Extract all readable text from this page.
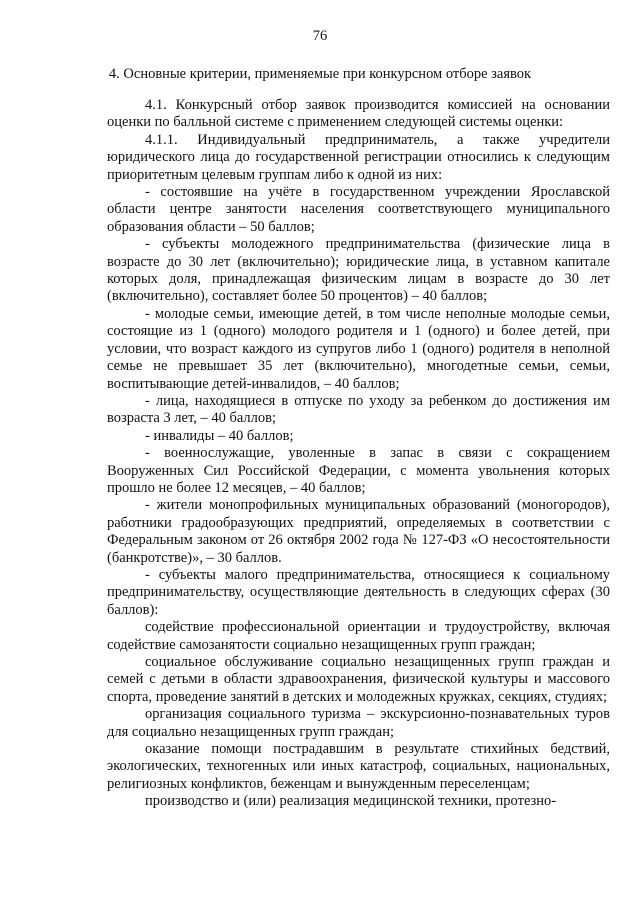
76
4. Основные критерии, применяемые при конкурсном отборе заявок

4.1. Конкурсный отбор заявок производится комиссией на основании оценки по балльной системе с применением следующей системы оценки:

4.1.1. Индивидуальный предприниматель, а также учредители юридического лица до государственной регистрации относились к следующим приоритетным целевым группам либо к одной из них:

- состоявшие на учёте в государственном учреждении Ярославской области центре занятости населения соответствующего муниципального образования области – 50 баллов;

- субъекты молодежного предпринимательства (физические лица в возрасте до 30 лет (включительно); юридические лица, в уставном капитале которых доля, принадлежащая физическим лицам в возрасте до 30 лет (включительно), составляет более 50 процентов) – 40 баллов;

- молодые семьи, имеющие детей, в том числе неполные молодые семьи, состоящие из 1 (одного) молодого родителя и 1 (одного) и более детей, при условии, что возраст каждого из супругов либо 1 (одного) родителя в неполной семье не превышает 35 лет (включительно), многодетные семьи, семьи, воспитывающие детей-инвалидов, – 40 баллов;

- лица, находящиеся в отпуске по уходу за ребенком до достижения им возраста 3 лет, – 40 баллов;

- инвалиды – 40 баллов;

- военнослужащие, уволенные в запас в связи с сокращением Вооруженных Сил Российской Федерации, с момента увольнения которых прошло не более 12 месяцев, – 40 баллов;

- жители монопрофильных муниципальных образований (моногородов), работники градообразующих предприятий, определяемых в соответствии с Федеральным законом от 26 октября 2002 года № 127-ФЗ «О несостоятельности (банкротстве)», – 30 баллов.

- субъекты малого предпринимательства, относящиеся к социальному предпринимательству, осуществляющие деятельность в следующих сферах (30 баллов):

содействие профессиональной ориентации и трудоустройству, включая содействие самозанятости социально незащищенных групп граждан;

социальное обслуживание социально незащищенных групп граждан и семей с детьми в области здравоохранения, физической культуры и массового спорта, проведение занятий в детских и молодежных кружках, секциях, студиях;

организация социального туризма – экскурсионно-познавательных туров для социально незащищенных групп граждан;

оказание помощи пострадавшим в результате стихийных бедствий, экологических, техногенных или иных катастроф, социальных, национальных, религиозных конфликтов, беженцам и вынужденным переселенцам;

производство и (или) реализация медицинской техники, протезно-
